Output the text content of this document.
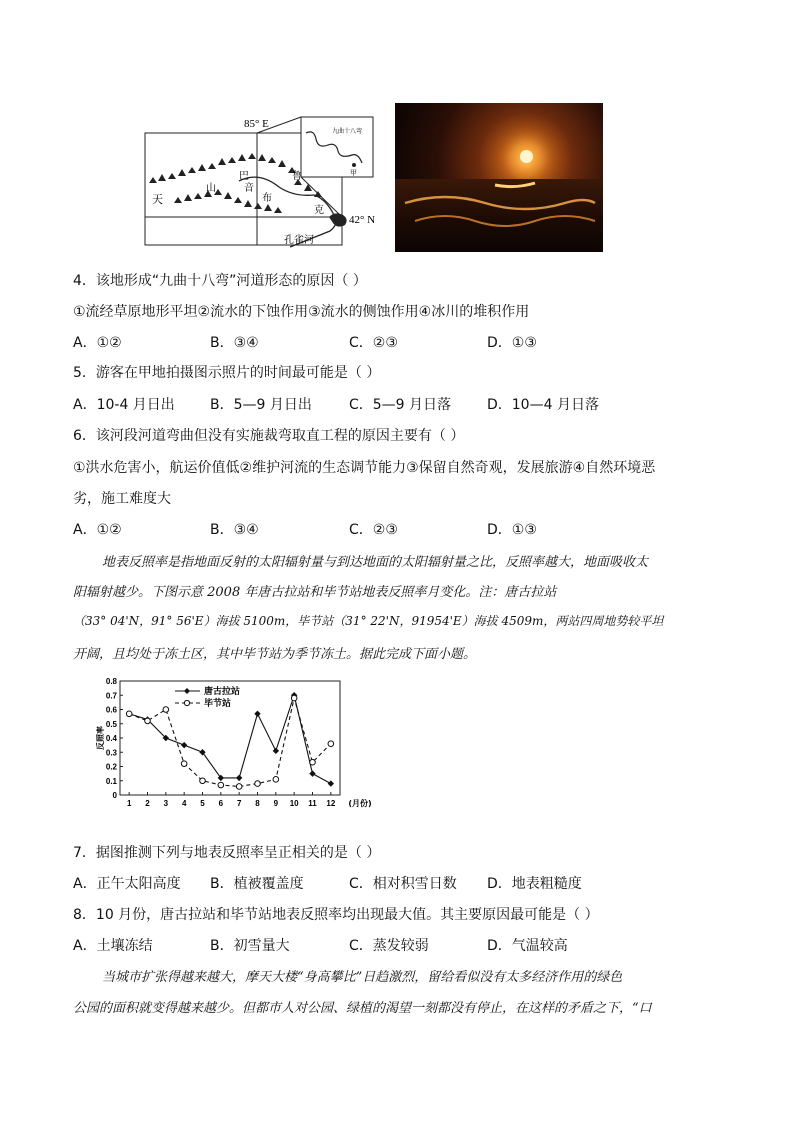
85° E
42° N
天
山
巴
音
布
鲁
克
孔雀河
九曲十八弯
甲
4．该地形成“九曲十八弯”河道形态的原因（ ）
①流经草原地形平坦②流水的下蚀作用③流水的侧蚀作用④冰川的堆积作用
A．①②	B．③④	C．②③	D．①③
5．游客在甲地拍摄图示照片的时间最可能是（ ）
A．10-4 月日出	B．5—9 月日出	C．5—9 月日落	D．10—4 月日落
6．该河段河道弯曲但没有实施裁弯取直工程的原因主要有（ ）
①洪水危害小，航运价值低②维护河流的生态调节能力③保留自然奇观，发展旅游④自然环境恶
劣，施工难度大
A．①②	B．③④	C．②③	D．①③
地表反照率是指地面反射的太阳辐射量与到达地面的太阳辐射量之比，反照率越大，地面吸收太
阳辐射越少。下图示意 2008 年唐古拉站和毕节站地表反照率月变化。注：唐古拉站
（33° 04'N，91° 56'E）海拔 5100m，毕节站（31° 22'N，91954'E）海拔 4509m，两站四周地势较平坦
开阔，且均处于冻土区，其中毕节站为季节冻土。据此完成下面小题。
0
0.1
0.2
0.3
0.4
0.5
0.6
0.7
0.8
1 2 3 4 5 6 7 8 9 10 11 12 (月份)
反照率
唐古拉站
毕节站
7．据图推测下列与地表反照率呈正相关的是（ ）
A．正午太阳高度 B．植被覆盖度	C．相对积雪日数 D．地表粗糙度
8．10 月份，唐古拉站和毕节站地表反照率均出现最大值。其主要原因最可能是（ ）
A．土壤冻结	B．初雪量大	C．蒸发较弱	D．气温较高
当城市扩张得越来越大，摩天大楼“身高攀比”日趋激烈，留给看似没有太多经济作用的绿色
公园的面积就变得越来越少。但都市人对公园、绿植的渴望一刻都没有停止，在这样的矛盾之下，“口
